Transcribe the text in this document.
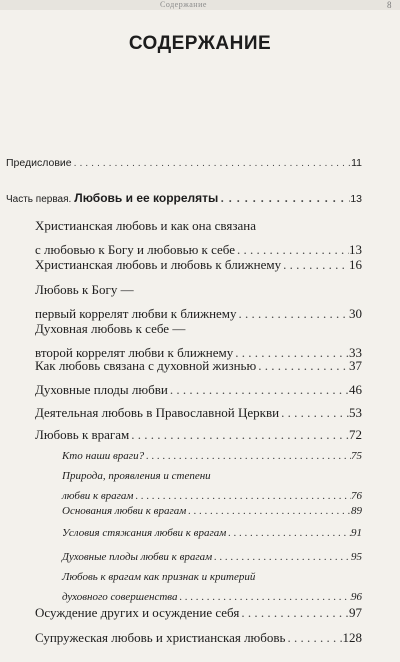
Содержание	8
СОДЕРЖАНИЕ
Предисловие . . .	11
Часть первая. Любовь и ее корреляты . . .	13
Христианская любовь и как она связана
с любовью к Богу и любовью к себе . . .	13
Христианская любовь и любовь к ближнему . . .	16
Любовь к Богу —
первый коррелят любви к ближнему . . .	30
Духовная любовь к себе —
второй коррелят любви к ближнему . . .	33
Как любовь связана с духовной жизнью . . .	37
Духовные плоды любви . . .	46
Деятельная любовь в Православной Церкви . . .	53
Любовь к врагам . . .	72
Кто наши враги? . . .	75
Природа, проявления и степени
любви к врагам . . .	76
Основания любви к врагам . . .	89
Условия стяжания любви к врагам . . .	91
Духовные плоды любви к врагам . . .	95
Любовь к врагам как признак и критерий
духовного совершенства . . .	96
Осуждение других и осуждение себя . . .	97
Супружеская любовь и христианская любовь . . .	128
